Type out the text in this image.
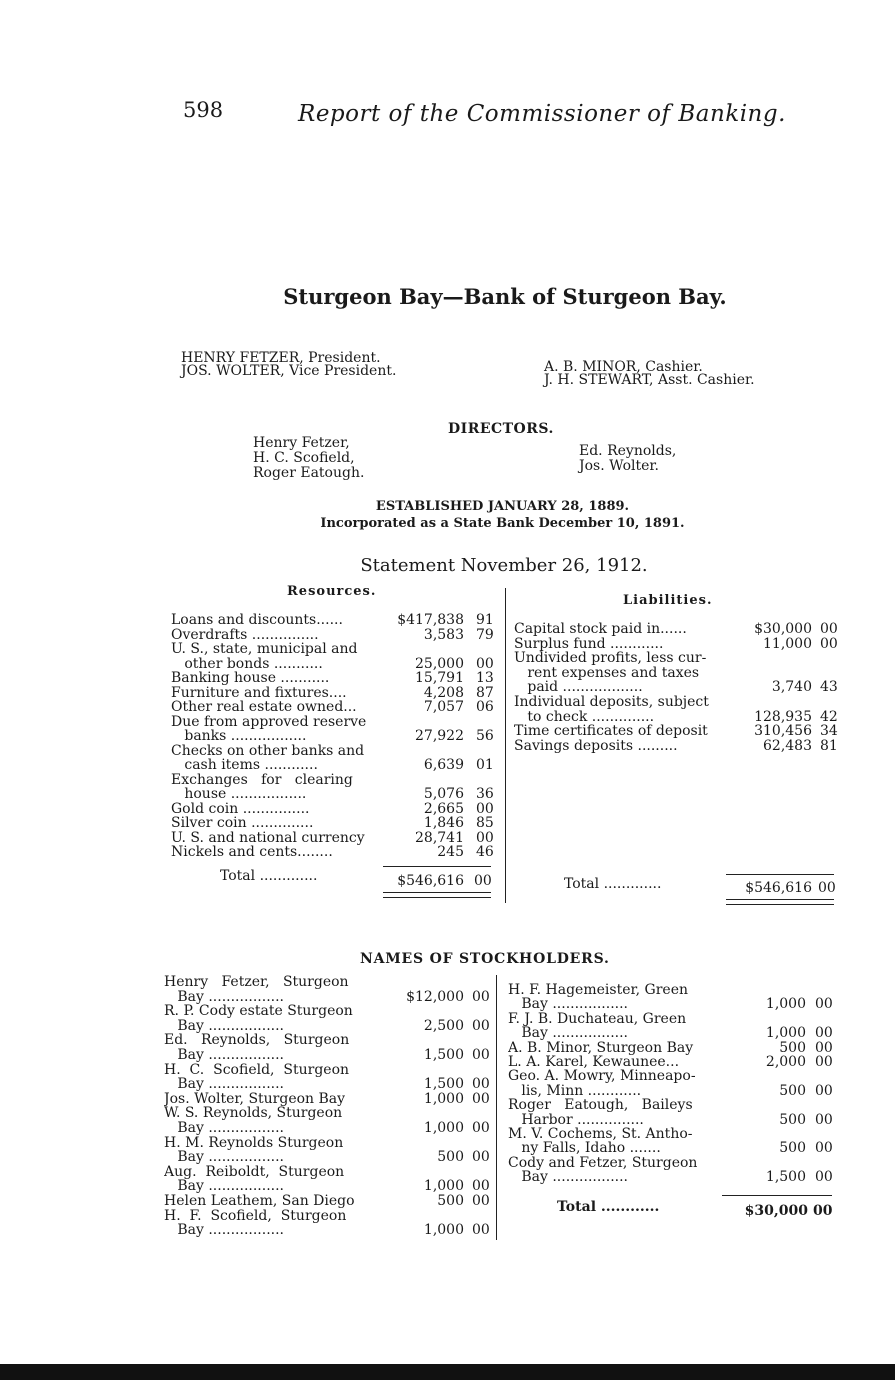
598	Report of the Commissioner of Banking.
Sturgeon Bay—Bank of Sturgeon Bay.
HENRY FETZER, President.
JOS. WOLTER, Vice President.	A. B. MINOR, Cashier.
J. H. STEWART, Asst. Cashier.
DIRECTORS.
Henry Fetzer,
H. C. Scofield,
Roger Eatough.
Ed. Reynolds,
Jos. Wolter.
ESTABLISHED JANUARY 28, 1889.
Incorporated as a State Bank December 10, 1891.
Statement November 26, 1912.
Resources.
Liabilities.
Loans and discounts......	$417,838 91
Overdrafts ...............	3,583 79
U. S., state, municipal and
other bonds ...........	25,000 00
Banking house ...........	15,791 13
Furniture and fixtures....	4,208 87
Other real estate owned...	7,057 06
Due from approved reserve
banks .................	27,922 56
Checks on other banks and
cash items ............	6,639 01
Exchanges   for   clearing
house .................	5,076 36
Gold coin ...............	2,665 00
Silver coin ..............	1,846 85
U. S. and national currency	28,741 00
Nickels and cents........	245 46
Total .............	$546,616 00
Capital stock paid in......	$30,000 00
Surplus fund ............	11,000 00
Undivided profits, less cur-
rent expenses and taxes
paid ..................	3,740 43
Individual deposits, subject
to check ..............	128,935 42
Time certificates of deposit	310,456 34
Savings deposits .........	62,483 81
Total .............	$546,616 00
NAMES OF STOCKHOLDERS.
Henry   Fetzer,   Sturgeon
Bay .................	$12,000 00
R. P. Cody estate Sturgeon
Bay .................	2,500 00
Ed.   Reynolds,   Sturgeon
Bay .................	1,500 00
H.  C.  Scofield,  Sturgeon
Bay .................	1,500 00
Jos. Wolter, Sturgeon Bay	1,000 00
W. S. Reynolds, Sturgeon
Bay .................	1,000 00
H. M. Reynolds Sturgeon
Bay .................	500 00
Aug.  Reiboldt,  Sturgeon
Bay .................	1,000 00
Helen Leathem, San Diego	500 00
H.  F.  Scofield,  Sturgeon
Bay .................	1,000 00
H. F. Hagemeister, Green
Bay .................	1,000 00
F. J. B. Duchateau, Green
Bay .................	1,000 00
A. B. Minor, Sturgeon Bay	500 00
L. A. Karel, Kewaunee...	2,000 00
Geo. A. Mowry, Minneapo-
lis, Minn ............	500 00
Roger   Eatough,   Baileys
Harbor ...............	500 00
M. V. Cochems, St. Antho-
ny Falls, Idaho .......	500 00
Cody and Fetzer, Sturgeon
Bay .................	1,500 00
Total ............	$30,000 00
